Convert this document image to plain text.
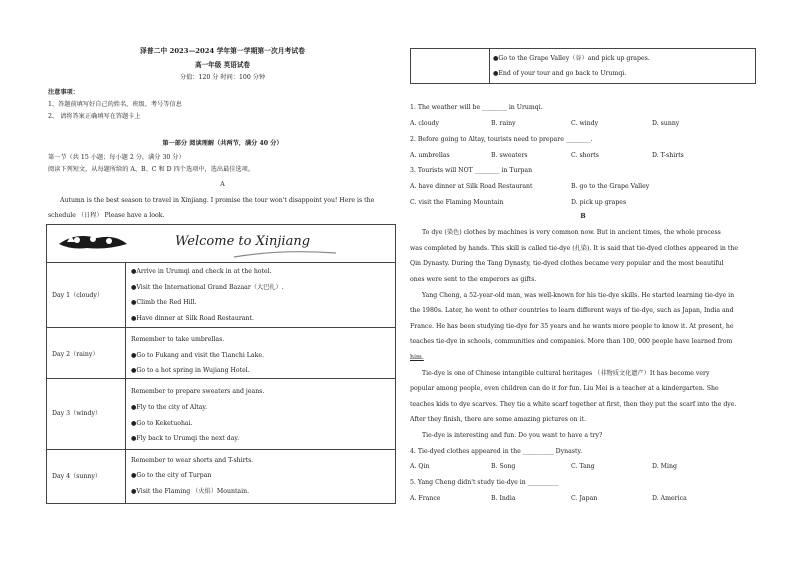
泽普二中 2023—2024 学年第一学期第一次月考试卷
高一年级 英语试卷
分值：120 分 时间：100 分钟
注意事项：
1、答题前填写好自己的姓名、班级、考号等信息
2、 请将答案正确填写在答题卡上
第一部分 阅读理解（共两节，满分 40 分）
第一节（共 15 小题；每小题 2 分，满分 30 分）
阅读下列短文，从每题所给的 A、B、C 和 D 四个选项中，选出最佳选项。
A
Autumn is the best season to travel in Xinjiang. I promise the tour won't disappoint you! Here is the
schedule （日程） Please have a look.
Welcome to Xinjiang
Day 1（cloudy）
●Arrive in Urumqi and check in at the hotel.
●Visit the International Grand Bazaar（大巴扎）.
●Climb the Red Hill.
●Have dinner at Silk Road Restaurant.
Day 2（rainy）
Remember to take umbrellas.
●Go to Fukang and visit the Tianchi Lake.
●Go to a hot spring in Wujiang Hotel.
Day 3（windy）
Remember to prepare sweaters and jeans.
●Fly to the city of Altay.
●Go to Keketuohai.
●Fly back to Urumqi the next day.
Day 4（sunny）
Remember to wear shorts and T-shirts.
●Go to the city of Turpan
●Visit the Flaming （火焰）Mountain.
●Go to the Grape Valley（谷）and pick up grapes.
●End of your tour and go back to Urumqi.
1. The weather will be ________ in Urumqi.
A. cloudy	B. rainy	C. windy	D. sunny
2. Before going to Altay, tourists need to prepare ________.
A. umbrellas	B. sweaters	C. shorts	D. T-shirts
3. Tourists will NOT ________ in Turpan
A. have dinner at Silk Road Restaurant	B. go to the Grape Valley
C. visit the Flaming Mountain	D. pick up grapes
B
To dye (染色) clothes by machines is very common now. But in ancient times, the whole process
was completed by hands. This skill is called tie-dye (扎染). It is said that tie-dyed clothes appeared in the
Qin Dynasty. During the Tang Dynasty, tie-dyed clothes became very popular and the most beautiful
ones were sent to the emperors as gifts.
Yang Cheng, a 52-year-old man, was well-known for his tie-dye skills. He started learning tie-dye in
the 1980s. Later, he went to other countries to learn different ways of tie-dye, such as Japan, India and
France. He has been studying tie-dye for 35 years and he wants more people to know it. At present, he
teaches tie-dye in schools, communities and companies. More than 100, 000 people have learned from
him.
Tie-dye is one of Chinese intangible cultural heritages （非物质文化遗产）It has become very
popular among people, even children can do it for fun. Liu Mei is a teacher at a kindergarten. She
teaches kids to dye scarves. They tie a white scarf together at first, then they put the scarf into the dye.
After they finish, there are some amazing pictures on it.
Tie-dye is interesting and fun. Do you want to have a try?
4. Tie-dyed clothes appeared in the __________ Dynasty.
A. Qin	B. Song	C. Tang	D. Ming
5. Yang Cheng didn't study tie-dye in __________
A. France	B. India	C. Japan	D. America
